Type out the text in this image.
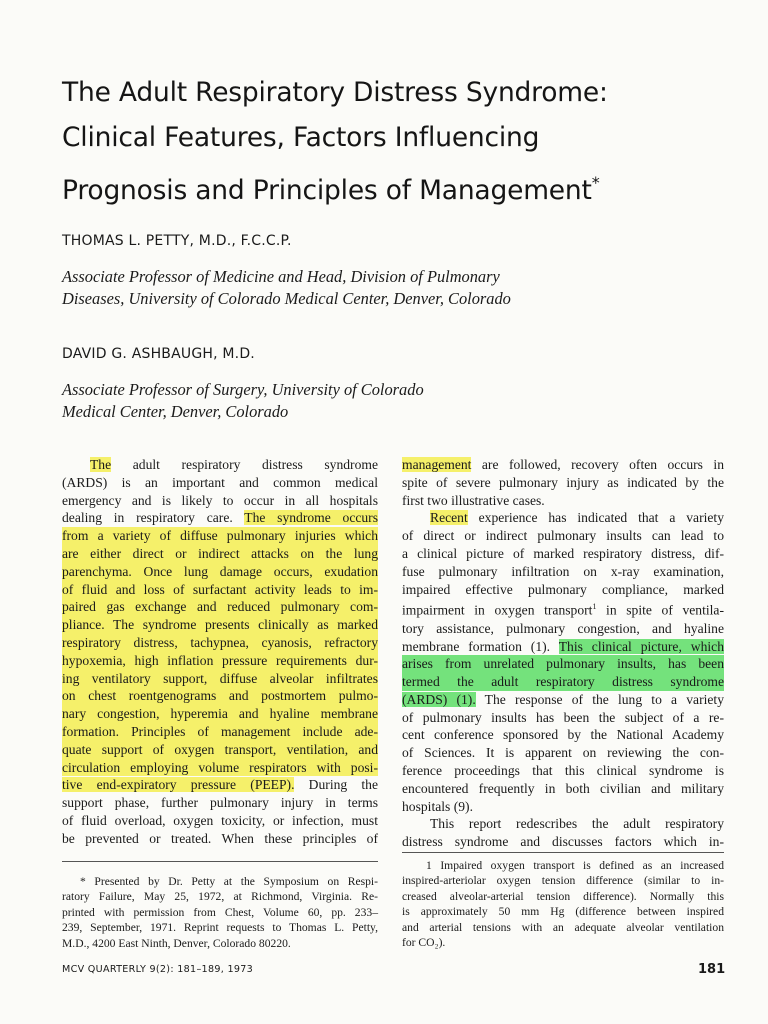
The Adult Respiratory Distress Syndrome:
Clinical Features, Factors Influencing
Prognosis and Principles of Management*
THOMAS L. PETTY, M.D., F.C.C.P.
Associate Professor of Medicine and Head, Division of Pulmonary
Diseases, University of Colorado Medical Center, Denver, Colorado
DAVID G. ASHBAUGH, M.D.
Associate Professor of Surgery, University of Colorado
Medical Center, Denver, Colorado
The adult respiratory distress syndrome
(ARDS) is an important and common medical
emergency and is likely to occur in all hospitals
dealing in respiratory care. The syndrome occurs
from a variety of diffuse pulmonary injuries which
are either direct or indirect attacks on the lung
parenchyma. Once lung damage occurs, exudation
of fluid and loss of surfactant activity leads to im-
paired gas exchange and reduced pulmonary com-
pliance. The syndrome presents clinically as marked
respiratory distress, tachypnea, cyanosis, refractory
hypoxemia, high inflation pressure requirements dur-
ing ventilatory support, diffuse alveolar infiltrates
on chest roentgenograms and postmortem pulmo-
nary congestion, hyperemia and hyaline membrane
formation. Principles of management include ade-
quate support of oxygen transport, ventilation, and
circulation employing volume respirators with posi-
tive end-expiratory pressure (PEEP). During the
support phase, further pulmonary injury in terms
of fluid overload, oxygen toxicity, or infection, must
be prevented or treated. When these principles of
management are followed, recovery often occurs in
spite of severe pulmonary injury as indicated by the
first two illustrative cases.
Recent experience has indicated that a variety
of direct or indirect pulmonary insults can lead to
a clinical picture of marked respiratory distress, dif-
fuse pulmonary infiltration on x-ray examination,
impaired effective pulmonary compliance, marked
impairment in oxygen transport$^1$ in spite of ventila-
tory assistance, pulmonary congestion, and hyaline
membrane formation (1). This clinical picture, which
arises from unrelated pulmonary insults, has been
termed the adult respiratory distress syndrome
(ARDS) (1). The response of the lung to a variety
of pulmonary insults has been the subject of a re-
cent conference sponsored by the National Academy
of Sciences. It is apparent on reviewing the con-
ference proceedings that this clinical syndrome is
encountered frequently in both civilian and military
hospitals (9).
This report redescribes the adult respiratory
distress syndrome and discusses factors which in-
* Presented by Dr. Petty at the Symposium on Respi-
ratory Failure, May 25, 1972, at Richmond, Virginia. Re-
printed with permission from Chest, Volume 60, pp. 233–
239, September, 1971. Reprint requests to Thomas L. Petty,
M.D., 4200 East Ninth, Denver, Colorado 80220.
1 Impaired oxygen transport is defined as an increased
inspired-arteriolar oxygen tension difference (similar to in-
creased alveolar-arterial tension difference). Normally this
is approximately 50 mm Hg (difference between inspired
and arterial tensions with an adequate alveolar ventilation
for CO₂).
MCV QUARTERLY 9(2): 181–189, 1973	181
